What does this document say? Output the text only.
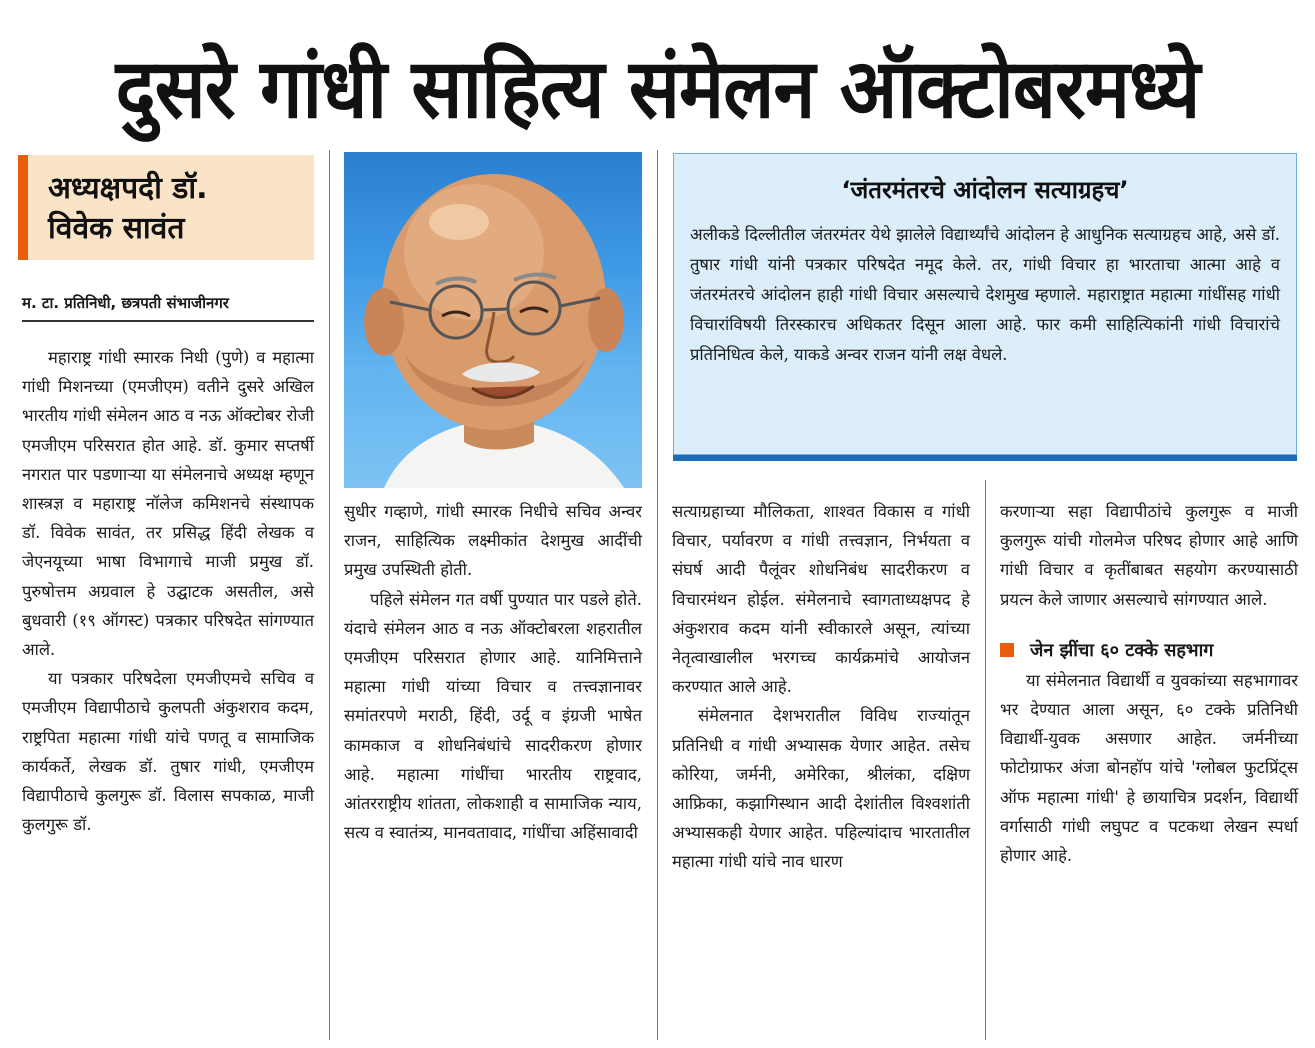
दुसरे गांधी साहित्य संमेलन ऑक्टोबरमध्ये
अध्यक्षपदी डॉ.
विवेक सावंत
म. टा. प्रतिनिधी, छत्रपती संभाजीनगर

महाराष्ट्र गांधी स्मारक निधी (पुणे) व महात्मा गांधी मिशनच्या (एमजीएम) वतीने दुसरे अखिल भारतीय गांधी संमेलन आठ व नऊ ऑक्टोबर रोजी एमजीएम परिसरात होत आहे. डॉ. कुमार सप्तर्षी नगरात पार पडणाऱ्या या संमेलनाचे अध्यक्ष म्हणून शास्त्रज्ञ व महाराष्ट्र नॉलेज कमिशनचे संस्थापक डॉ. विवेक सावंत, तर प्रसिद्ध हिंदी लेखक व जेएनयूच्या भाषा विभागाचे माजी प्रमुख डॉ. पुरुषोत्तम अग्रवाल हे उद्घाटक असतील, असे बुधवारी (१९ ऑगस्ट) पत्रकार परिषदेत सांगण्यात आले.

या पत्रकार परिषदेला एमजीएमचे सचिव व एमजीएम विद्यापीठाचे कुलपती अंकुशराव कदम, राष्ट्रपिता महात्मा गांधी यांचे पणतू व सामाजिक कार्यकर्ते, लेखक डॉ. तुषार गांधी, एमजीएम विद्यापीठाचे कुलगुरू डॉ. विलास सपकाळ, माजी कुलगुरू डॉ.

‘जंतरमंतरचे आंदोलन सत्याग्रहच’
अलीकडे दिल्लीतील जंतरमंतर येथे झालेले विद्यार्थ्यांचे आंदोलन हे आधुनिक सत्याग्रहच आहे, असे डॉ. तुषार गांधी यांनी पत्रकार परिषदेत नमूद केले. तर, गांधी विचार हा भारताचा आत्मा आहे व जंतरमंतरचे आंदोलन हाही गांधी विचार असल्याचे देशमुख म्हणाले. महाराष्ट्रात महात्मा गांधींसह गांधी विचारांविषयी तिरस्कारच अधिकतर दिसून आला आहे. फार कमी साहित्यिकांनी गांधी विचारांचे प्रतिनिधित्व केले, याकडे अन्वर राजन यांनी लक्ष वेधले.

सुधीर गव्हाणे, गांधी स्मारक निधीचे सचिव अन्वर राजन, साहित्यिक लक्ष्मीकांत देशमुख आदींची प्रमुख उपस्थिती होती.

पहिले संमेलन गत वर्षी पुण्यात पार पडले होते. यंदाचे संमेलन आठ व नऊ ऑक्टोबरला शहरातील एमजीएम परिसरात होणार आहे. यानिमित्ताने महात्मा गांधी यांच्या विचार व तत्त्वज्ञानावर समांतरपणे मराठी, हिंदी, उर्दू व इंग्रजी भाषेत कामकाज व शोधनिबंधांचे सादरीकरण होणार आहे. महात्मा गांधींचा भारतीय राष्ट्रवाद, आंतरराष्ट्रीय शांतता, लोकशाही व सामाजिक न्याय, सत्य व स्वातंत्र्य, मानवतावाद, गांधींचा अहिंसावादी

सत्याग्रहाच्या मौलिकता, शाश्वत विकास व गांधी विचार, पर्यावरण व गांधी तत्त्वज्ञान, निर्भयता व संघर्ष आदी पैलूंवर शोधनिबंध सादरीकरण व विचारमंथन होईल. संमेलनाचे स्वागताध्यक्षपद हे अंकुशराव कदम यांनी स्वीकारले असून, त्यांच्या नेतृत्वाखालील भरगच्च कार्यक्रमांचे आयोजन करण्यात आले आहे.

संमेलनात देशभरातील विविध राज्यांतून प्रतिनिधी व गांधी अभ्यासक येणार आहेत. तसेच कोरिया, जर्मनी, अमेरिका, श्रीलंका, दक्षिण आफ्रिका, कझागिस्थान आदी देशांतील विश्वशांती अभ्यासकही येणार आहेत. पहिल्यांदाच भारतातील महात्मा गांधी यांचे नाव धारण

करणाऱ्या सहा विद्यापीठांचे कुलगुरू व माजी कुलगुरू यांची गोलमेज परिषद होणार आहे आणि गांधी विचार व कृतींबाबत सहयोग करण्यासाठी प्रयत्न केले जाणार असल्याचे सांगण्यात आले.

जेन झींचा ६० टक्के सहभाग

या संमेलनात विद्यार्थी व युवकांच्या सहभागावर भर देण्यात आला असून, ६० टक्के प्रतिनिधी विद्यार्थी-युवक असणार आहेत. जर्मनीच्या फोटोग्राफर अंजा बोनहॉप यांचे 'ग्लोबल फुटप्रिंट्स ऑफ महात्मा गांधी' हे छायाचित्र प्रदर्शन, विद्यार्थी वर्गासाठी गांधी लघुपट व पटकथा लेखन स्पर्धा होणार आहे.
